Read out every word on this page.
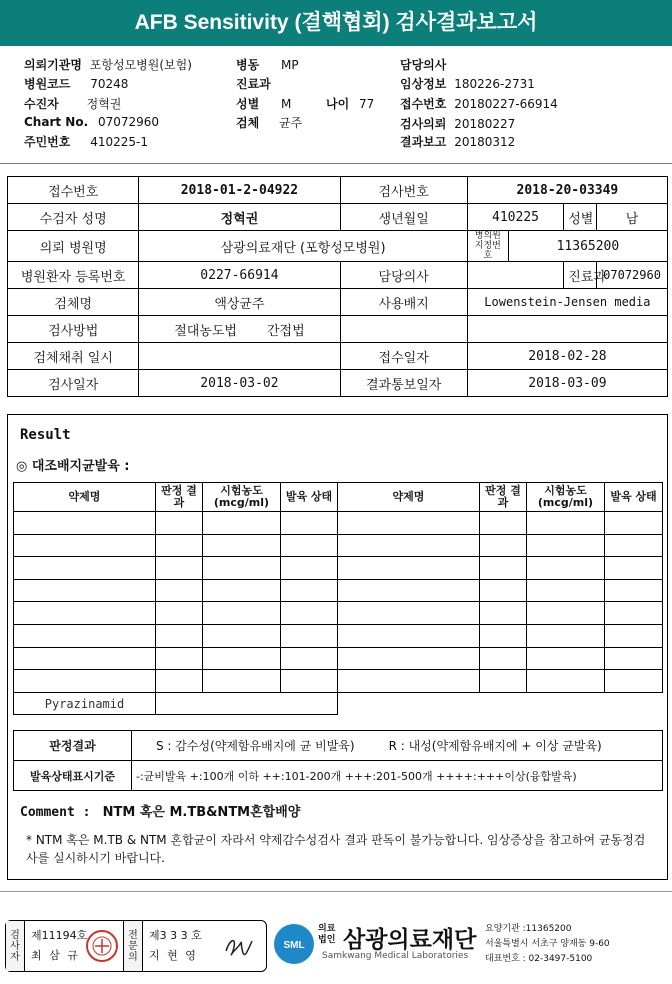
AFB Sensitivity (결핵협회) 검사결과보고서
의뢰기관명 포항성모병원(보험)	병동 MP	담당의사
병원코드 70248	진료과	임상정보 180226-2731
수진자 정혁권	성별 M	나이 77 접수번호 20180227-66914
Chart No. 07072960	검체 균주	검사의뢰 20180227
주민번호 410225-1	결과보고 20180312
접수번호	2018-01-2-04922	검사번호	2018-20-03349			
수검자 성명	정혁권	생년월일	410225		성별	남
의뢰 병원명	삼광의료재단 (포항성모병원)		병의원 지정번호	11365200		
병원환자 등록번호	0227-66914	담당의사			진료과	07072960
검체명	액상균주	사용배지	Lowenstein-Jensen media			
검사방법	절대농도법 간접법					
검체채취 일시		접수일자	2018-02-28			
검사일자	2018-03-02	결과통보일자	2018-03-09			
Result
◎ 대조배지균발육 :
약제명	판정 결과	시험농도 (mcg/ml)	발육 상태	약제명	판정 결과	시험농도 (mcg/ml)	발육 상태

Pyrazinamid							
판정결과	S : 감수성(약제함유배지에 균 비발육) R : 내성(약제함유배지에 + 이상 균발육)
발육상태표시기준	-:균비발육 +:100개 이하 ++:101-200개 +++:201-500개 ++++:+++이상(융합발육)
Comment : NTM 혹은 M.TB&NTM혼합배양
* NTM 혹은 M.TB & NTM 혼합균이 자라서 약제감수성검사 결과 판독이 불가능합니다. 임상증상을 참고하여 균동정검사를 실시하시기 바랍니다.
검사자	
제11194호
최 삼 규
	전문의	
제3 3 3 호
지 현 영
SML
의료 법인 삼광의료재단
Samkwang Medical Laboratories
요양기관 :11365200
서울특별시 서초구 양재동 9-60
대표번호 : 02-3497-5100
